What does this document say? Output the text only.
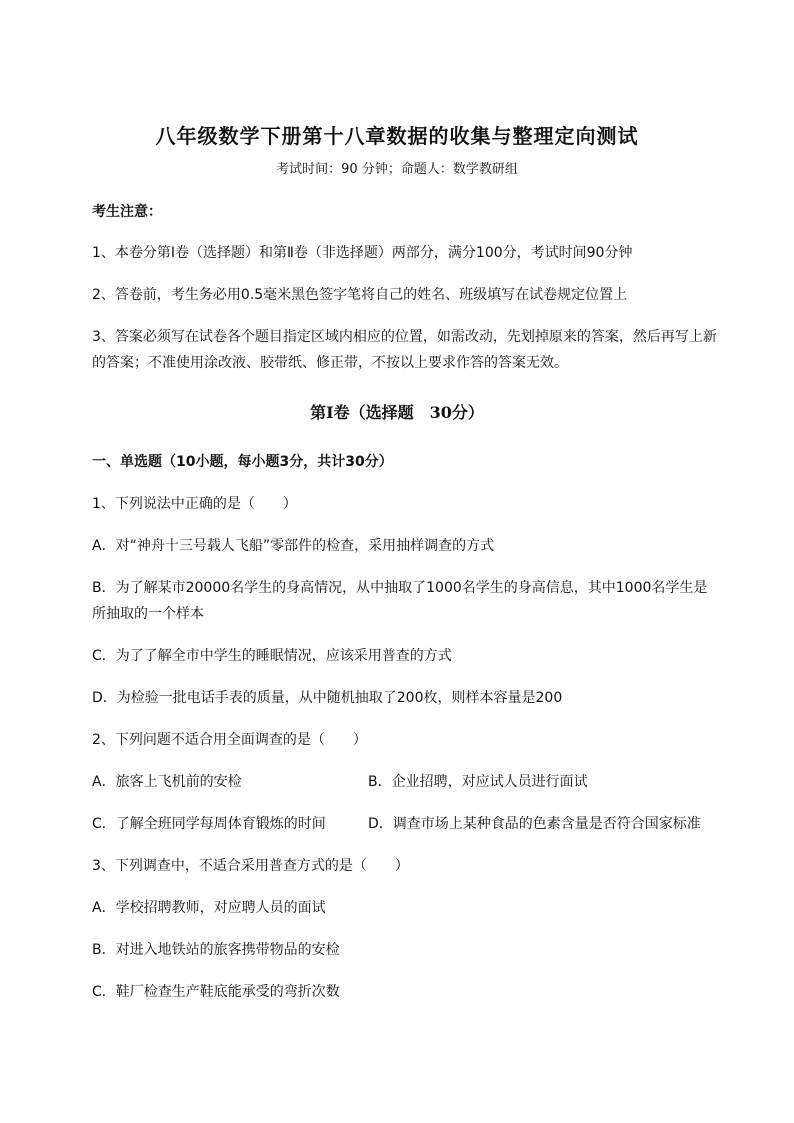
八年级数学下册第十八章数据的收集与整理定向测试
考试时间：90 分钟；命题人：数学教研组
考生注意：
1、本卷分第I卷（选择题）和第Ⅱ卷（非选择题）两部分，满分100分，考试时间90分钟
2、答卷前，考生务必用0.5毫米黑色签字笔将自己的姓名、班级填写在试卷规定位置上
3、答案必须写在试卷各个题目指定区域内相应的位置，如需改动，先划掉原来的答案，然后再写上新
的答案；不准使用涂改液、胶带纸、修正带，不按以上要求作答的答案无效。
第I卷（选择题　30分）
一、单选题（10小题，每小题3分，共计30分）
1、下列说法中正确的是（　　）
A．对“神舟十三号载人飞船”零部件的检查，采用抽样调查的方式
B．为了解某市20000名学生的身高情况，从中抽取了1000名学生的身高信息，其中1000名学生是
所抽取的一个样本
C．为了了解全市中学生的睡眠情况，应该采用普查的方式
D．为检验一批电话手表的质量，从中随机抽取了200枚，则样本容量是200
2、下列问题不适合用全面调查的是（　　）
A．旅客上飞机前的安检	B．企业招聘，对应试人员进行面试
C．了解全班同学每周体育锻炼的时间	D．调查市场上某种食品的色素含量是否符合国家标准
3、下列调查中，不适合采用普查方式的是（　　）
A．学校招聘教师，对应聘人员的面试
B．对进入地铁站的旅客携带物品的安检
C．鞋厂检查生产鞋底能承受的弯折次数
